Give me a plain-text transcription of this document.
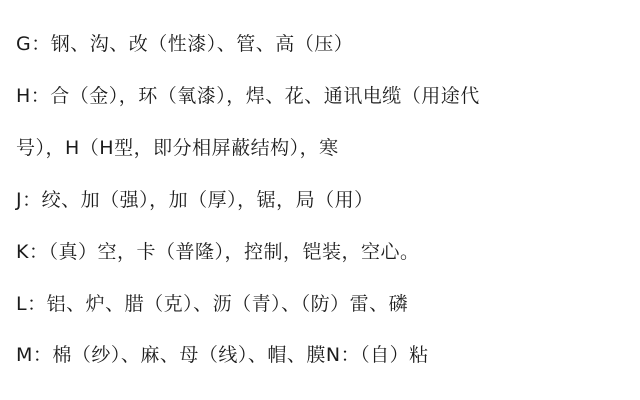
G：钢、沟、改（性漆）、管、高（压）
H：合（金），环（氧漆），焊、花、通讯电缆（用途代
号），H（H型，即分相屏蔽结构），寒
J：绞、加（强），加（厚），锯，局（用）
K：（真）空，卡（普隆），控制，铠装，空心。
L：铝、炉、腊（克）、沥（青）、（防）雷、磷
M：棉（纱）、麻、母（线）、帽、膜N：（自）粘
